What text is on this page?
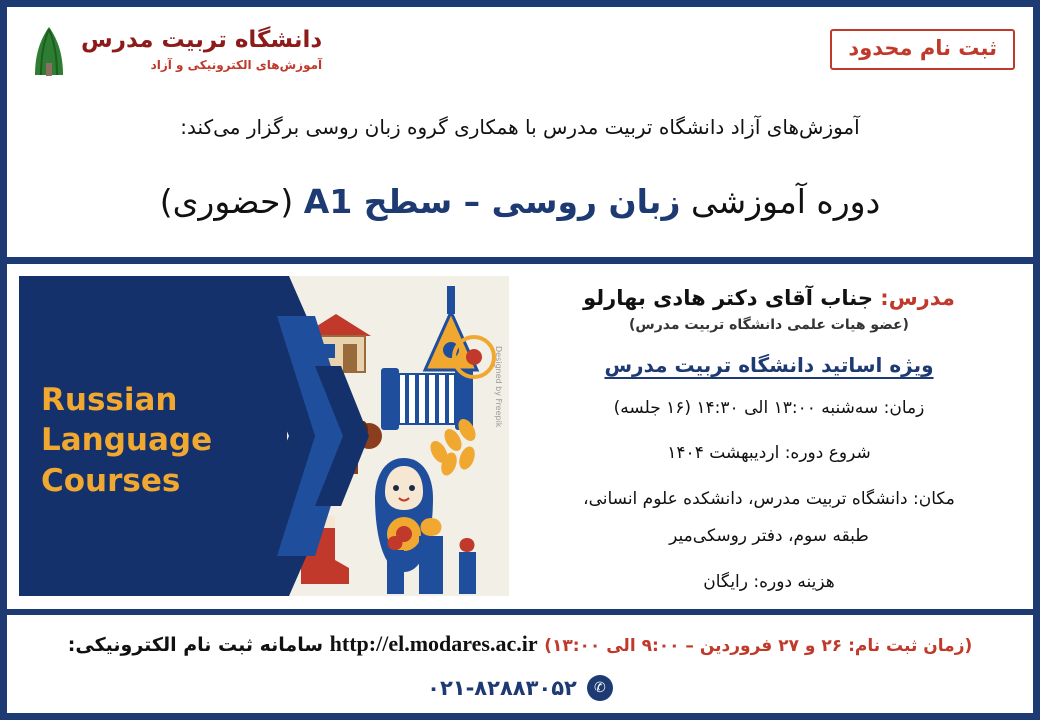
ثبت نام محدود
دانشگاه تربیت مدرس
آموزش‌های الکترونیکی و آزاد
آموزش‌های آزاد دانشگاه تربیت مدرس با همکاری گروه زبان روسی برگزار می‌کند:
دوره آموزشی زبان روسی – سطح A1 (حضوری)
مدرس: جناب آقای دکتر هادی بهارلو
(عضو هیات علمی دانشگاه تربیت مدرس)
ویژه اساتید دانشگاه تربیت مدرس
زمان: سه‌شنبه ۱۳:۰۰ الی ۱۴:۳۰ (۱۶ جلسه)
شروع دوره: اردیبهشت ۱۴۰۴
مکان: دانشگاه تربیت مدرس، دانشکده علوم انسانی،
طبقه سوم، دفتر روسکی‌میر
هزینه دوره: رایگان
Designed by Freepik
Russian
Language
Courses
(زمان ثبت نام: ۲۶ و ۲۷ فروردین – ۹:۰۰ الی ۱۳:۰۰) http://el.modares.ac.ir سامانه ثبت نام الکترونیکی:
✆
۰۲۱-۸۲۸۸۳۰۵۲
